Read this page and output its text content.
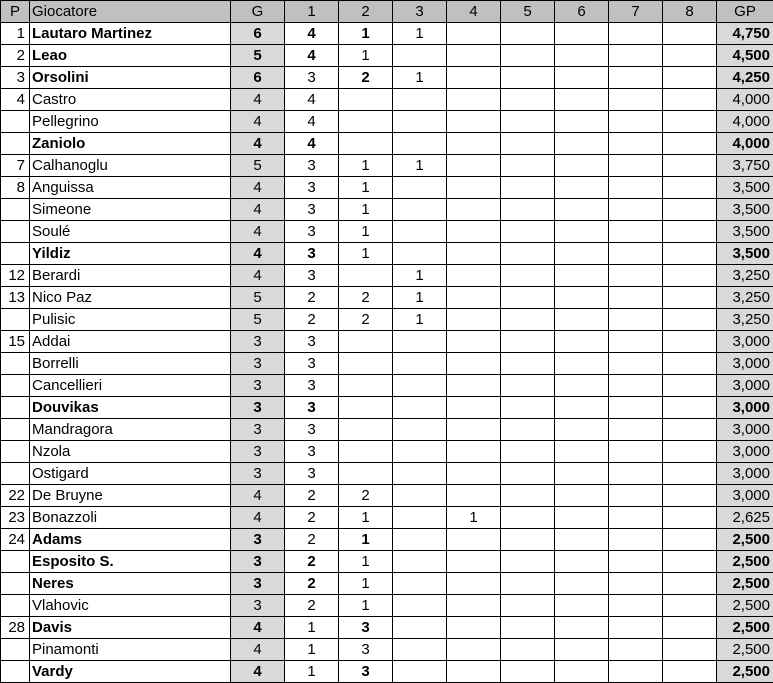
P	Giocatore	G	1	2	3	4	5	6	7	8	GP
1	Lautaro Martinez	6	4	1	1						4,750
2	Leao	5	4	1							4,500
3	Orsolini	6	3	2	1						4,250
4	Castro	4	4								4,000
	Pellegrino	4	4								4,000
	Zaniolo	4	4								4,000
7	Calhanoglu	5	3	1	1						3,750
8	Anguissa	4	3	1							3,500
	Simeone	4	3	1							3,500
	Soulé	4	3	1							3,500
	Yildiz	4	3	1							3,500
12	Berardi	4	3		1						3,250
13	Nico Paz	5	2	2	1						3,250
	Pulisic	5	2	2	1						3,250
15	Addai	3	3								3,000
	Borrelli	3	3								3,000
	Cancellieri	3	3								3,000
	Douvikas	3	3								3,000
	Mandragora	3	3								3,000
	Nzola	3	3								3,000
	Ostigard	3	3								3,000
22	De Bruyne	4	2	2							3,000
23	Bonazzoli	4	2	1		1					2,625
24	Adams	3	2	1							2,500
	Esposito S.	3	2	1							2,500
	Neres	3	2	1							2,500
	Vlahovic	3	2	1							2,500
28	Davis	4	1	3							2,500
	Pinamonti	4	1	3							2,500
	Vardy	4	1	3							2,500
